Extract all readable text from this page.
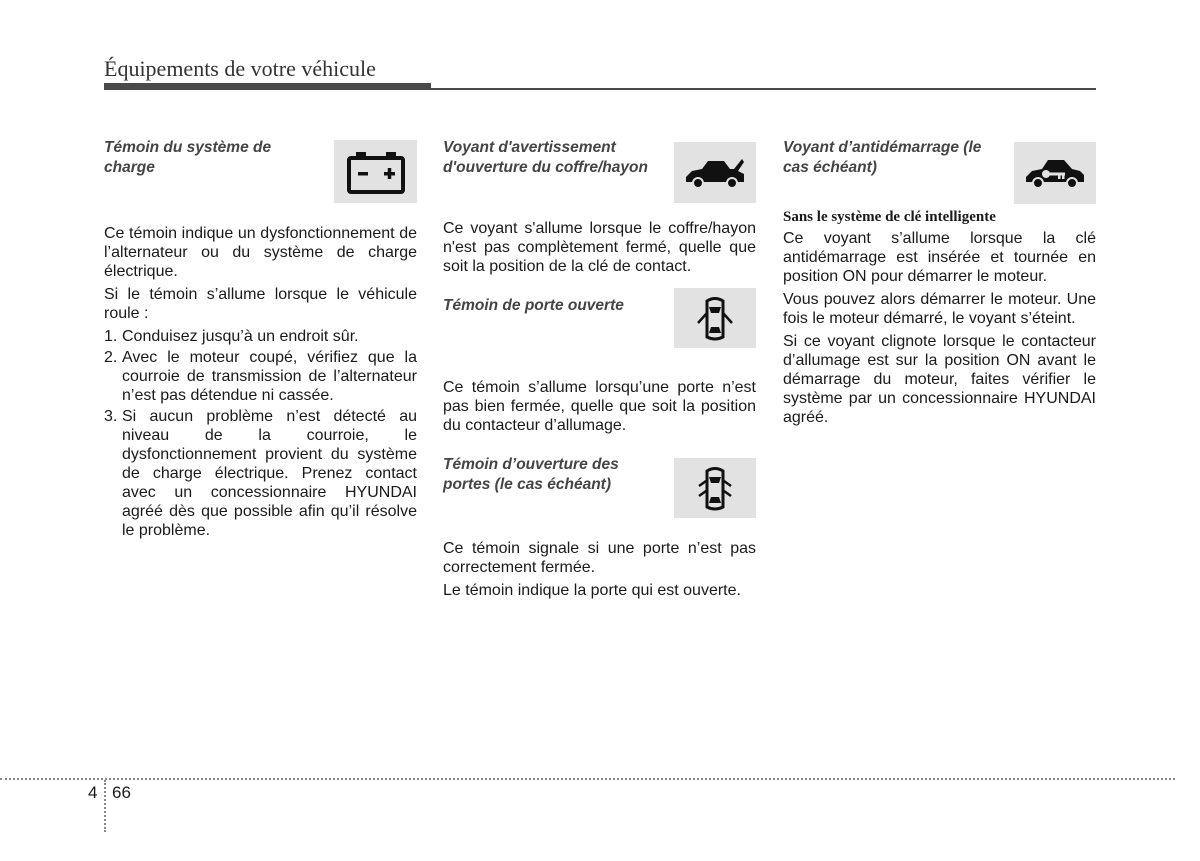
Équipements de votre véhicule
Témoin du système de charge

Ce témoin indique un dysfonctionnement de l’alternateur ou du système de charge électrique.

Si le témoin s’allume lorsque le véhicule roule :

1. Conduisez jusqu’à un endroit sûr.
2. Avec le moteur coupé, vérifiez que la courroie de transmission de l’alternateur n’est pas détendue ni cassée.
3. Si aucun problème n’est détecté au niveau de la courroie, le dysfonctionnement provient du système de charge électrique. Prenez contact avec un concessionnaire HYUNDAI agréé dès que possible afin qu’il résolve le problème.
Voyant d'avertissement d'ouverture du coffre/hayon

Ce voyant s'allume lorsque le coffre/hayon n'est pas complètement fermé, quelle que soit la position de la clé de contact.

Témoin de porte ouverte

Ce témoin s’allume lorsqu’une porte n’est pas bien fermée, quelle que soit la position du contacteur d’allumage.

Témoin d’ouverture des portes (le cas échéant)

Ce témoin signale si une porte n’est pas correctement fermée.

Le témoin indique la porte qui est ouverte.

Voyant d’antidémarrage (le cas échéant)
Sans le système de clé intelligente

Ce voyant s’allume lorsque la clé antidémarrage est insérée et tournée en position ON pour démarrer le moteur.

Vous pouvez alors démarrer le moteur. Une fois le moteur démarré, le voyant s’éteint.

Si ce voyant clignote lorsque le contacteur d’allumage est sur la position ON avant le démarrage du moteur, faites vérifier le système par un concessionnaire HYUNDAI agréé.

4 66
